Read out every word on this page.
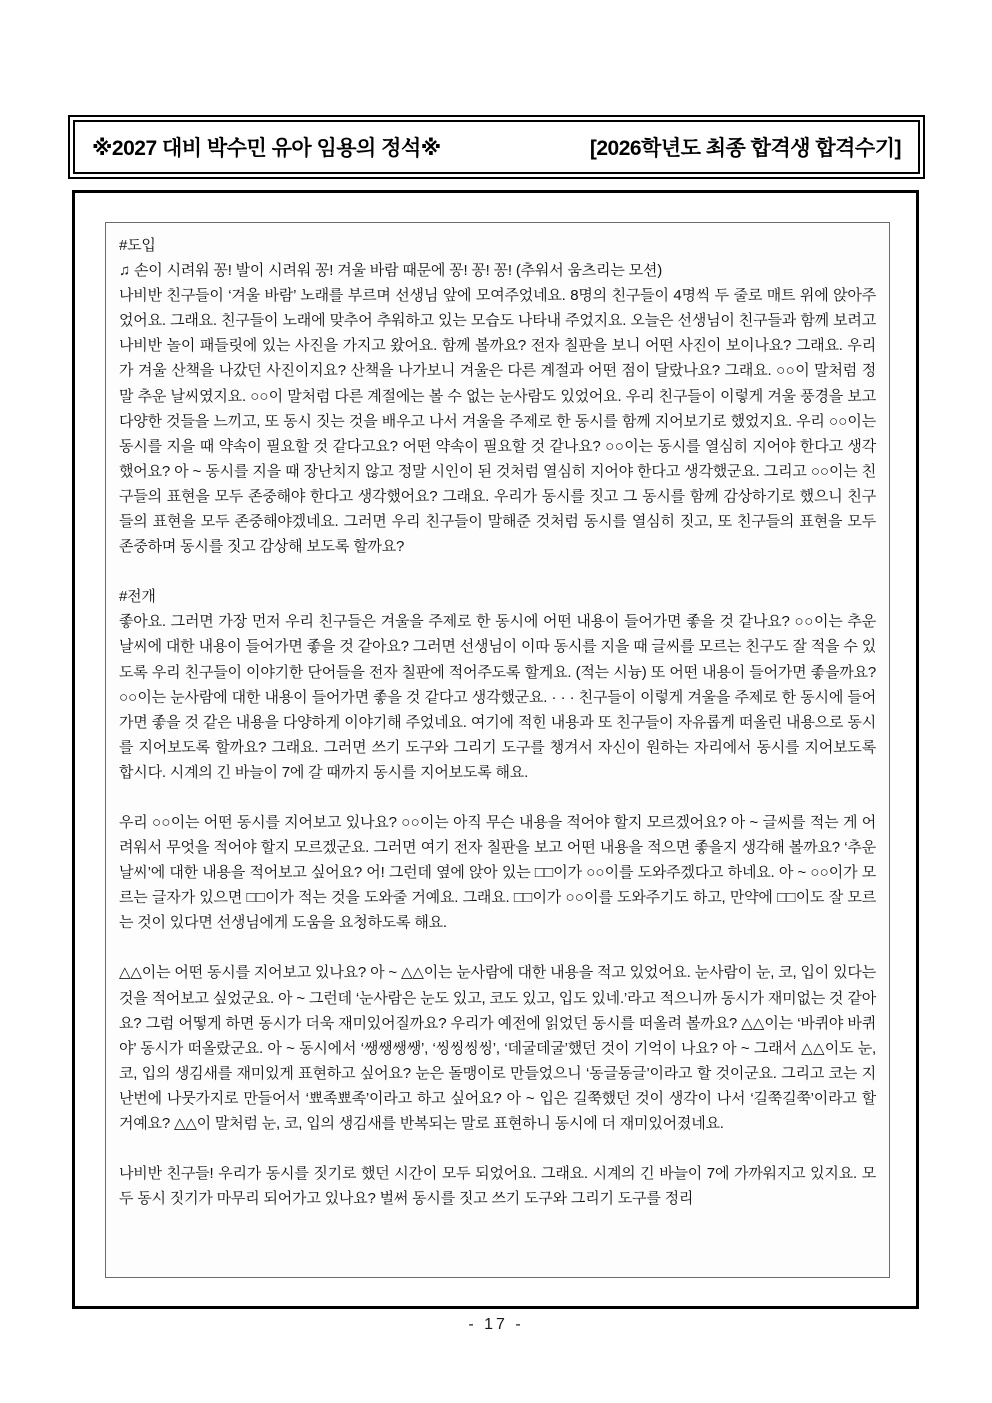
※2027 대비 박수민 유아 임용의 정석※	[2026학년도 최종 합격생 합격수기]
#도입
♫ 손이 시려워 꽁! 발이 시려워 꽁! 겨울 바람 때문에 꽁! 꽁! 꽁! (추워서 움츠리는 모션)
나비반 친구들이 ‘겨울 바람’ 노래를 부르며 선생님 앞에 모여주었네요. 8명의 친구들이 4명씩 두 줄로 매트 위에 앉아주었어요. 그래요. 친구들이 노래에 맞추어 추워하고 있는 모습도 나타내 주었지요. 오늘은 선생님이 친구들과 함께 보려고 나비반 놀이 패들릿에 있는 사진을 가지고 왔어요. 함께 볼까요? 전자 칠판을 보니 어떤 사진이 보이나요? 그래요. 우리가 겨울 산책을 나갔던 사진이지요? 산책을 나가보니 겨울은 다른 계절과 어떤 점이 달랐나요? 그래요. ○○이 말처럼 정말 추운 날씨였지요. ○○이 말처럼 다른 계절에는 볼 수 없는 눈사람도 있었어요. 우리 친구들이 이렇게 겨울 풍경을 보고 다양한 것들을 느끼고, 또 동시 짓는 것을 배우고 나서 겨울을 주제로 한 동시를 함께 지어보기로 했었지요. 우리 ○○이는 동시를 지을 때 약속이 필요할 것 같다고요? 어떤 약속이 필요할 것 같나요? ○○이는 동시를 열심히 지어야 한다고 생각했어요? 아 ~ 동시를 지을 때 장난치지 않고 정말 시인이 된 것처럼 열심히 지어야 한다고 생각했군요. 그리고 ○○이는 친구들의 표현을 모두 존중해야 한다고 생각했어요? 그래요. 우리가 동시를 짓고 그 동시를 함께 감상하기로 했으니 친구들의 표현을 모두 존중해야겠네요. 그러면 우리 친구들이 말해준 것처럼 동시를 열심히 짓고, 또 친구들의 표현을 모두 존중하며 동시를 짓고 감상해 보도록 할까요?
#전개
좋아요. 그러면 가장 먼저 우리 친구들은 겨울을 주제로 한 동시에 어떤 내용이 들어가면 좋을 것 같나요? ○○이는 추운 날씨에 대한 내용이 들어가면 좋을 것 같아요? 그러면 선생님이 이따 동시를 지을 때 글씨를 모르는 친구도 잘 적을 수 있도록 우리 친구들이 이야기한 단어들을 전자 칠판에 적어주도록 할게요. (적는 시늉) 또 어떤 내용이 들어가면 좋을까요? ○○이는 눈사람에 대한 내용이 들어가면 좋을 것 같다고 생각했군요. · · · 친구들이 이렇게 겨울을 주제로 한 동시에 들어가면 좋을 것 같은 내용을 다양하게 이야기해 주었네요. 여기에 적힌 내용과 또 친구들이 자유롭게 떠올린 내용으로 동시를 지어보도록 할까요? 그래요. 그러면 쓰기 도구와 그리기 도구를 챙겨서 자신이 원하는 자리에서 동시를 지어보도록 합시다. 시계의 긴 바늘이 7에 갈 때까지 동시를 지어보도록 해요.
우리 ○○이는 어떤 동시를 지어보고 있나요? ○○이는 아직 무슨 내용을 적어야 할지 모르겠어요? 아 ~ 글씨를 적는 게 어려워서 무엇을 적어야 할지 모르겠군요. 그러면 여기 전자 칠판을 보고 어떤 내용을 적으면 좋을지 생각해 볼까요? ‘추운 날씨’에 대한 내용을 적어보고 싶어요? 어! 그런데 옆에 앉아 있는 □□이가 ○○이를 도와주겠다고 하네요. 아 ~ ○○이가 모르는 글자가 있으면 □□이가 적는 것을 도와줄 거예요. 그래요. □□이가 ○○이를 도와주기도 하고, 만약에 □□이도 잘 모르는 것이 있다면 선생님에게 도움을 요청하도록 해요.
△△이는 어떤 동시를 지어보고 있나요? 아 ~ △△이는 눈사람에 대한 내용을 적고 있었어요. 눈사람이 눈, 코, 입이 있다는 것을 적어보고 싶었군요. 아 ~ 그런데 ‘눈사람은 눈도 있고, 코도 있고, 입도 있네.’라고 적으니까 동시가 재미없는 것 같아요? 그럼 어떻게 하면 동시가 더욱 재미있어질까요? 우리가 예전에 읽었던 동시를 떠올려 볼까요? △△이는 ‘바퀴야 바퀴야’ 동시가 떠올랐군요. 아 ~ 동시에서 ‘쌩쌩쌩쌩’, ‘씽씽씽씽’, ‘데굴데굴’했던 것이 기억이 나요? 아 ~ 그래서 △△이도 눈, 코, 입의 생김새를 재미있게 표현하고 싶어요? 눈은 돌맹이로 만들었으니 ‘동글동글’이라고 할 것이군요. 그리고 코는 지난번에 나뭇가지로 만들어서 ‘뾰족뾰족’이라고 하고 싶어요? 아 ~ 입은 길쭉했던 것이 생각이 나서 ‘길쭉길쭉’이라고 할 거예요? △△이 말처럼 눈, 코, 입의 생김새를 반복되는 말로 표현하니 동시에 더 재미있어졌네요.
나비반 친구들! 우리가 동시를 짓기로 했던 시간이 모두 되었어요. 그래요. 시계의 긴 바늘이 7에 가까워지고 있지요. 모두 동시 짓기가 마무리 되어가고 있나요? 벌써 동시를 짓고 쓰기 도구와 그리기 도구를 정리
- 17 -
